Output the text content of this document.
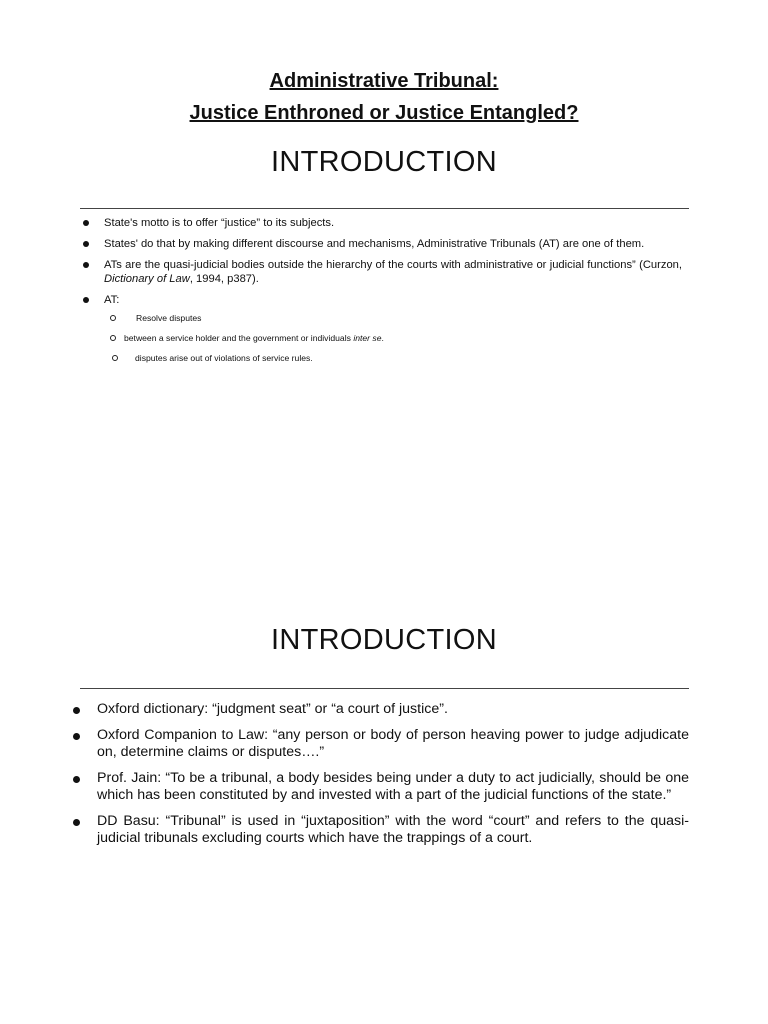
Administrative Tribunal:
Justice Enthroned or Justice Entangled?
INTRODUCTION
State's motto is to offer “justice” to its subjects.
States' do that by making different discourse and mechanisms, Administrative Tribunals (AT) are one of them.
ATs are the quasi-judicial bodies outside the hierarchy of the courts with administrative or judicial functions” (Curzon, Dictionary of Law, 1994, p387).
AT:
Resolve disputes
between a service holder and the government or individuals inter se.
disputes arise out of violations of service rules.
INTRODUCTION
Oxford dictionary: “judgment seat” or “a court of justice”.
Oxford Companion to Law: “any person or body of person heaving power to judge adjudicate on, determine claims or disputes….”
Prof. Jain: “To be a tribunal, a body besides being under a duty to act judicially, should be one which has been constituted by and invested with a part of the judicial functions of the state.”
DD Basu: “Tribunal” is used in “juxtaposition” with the word “court” and refers to the quasi-judicial tribunals excluding courts which have the trappings of a court.
